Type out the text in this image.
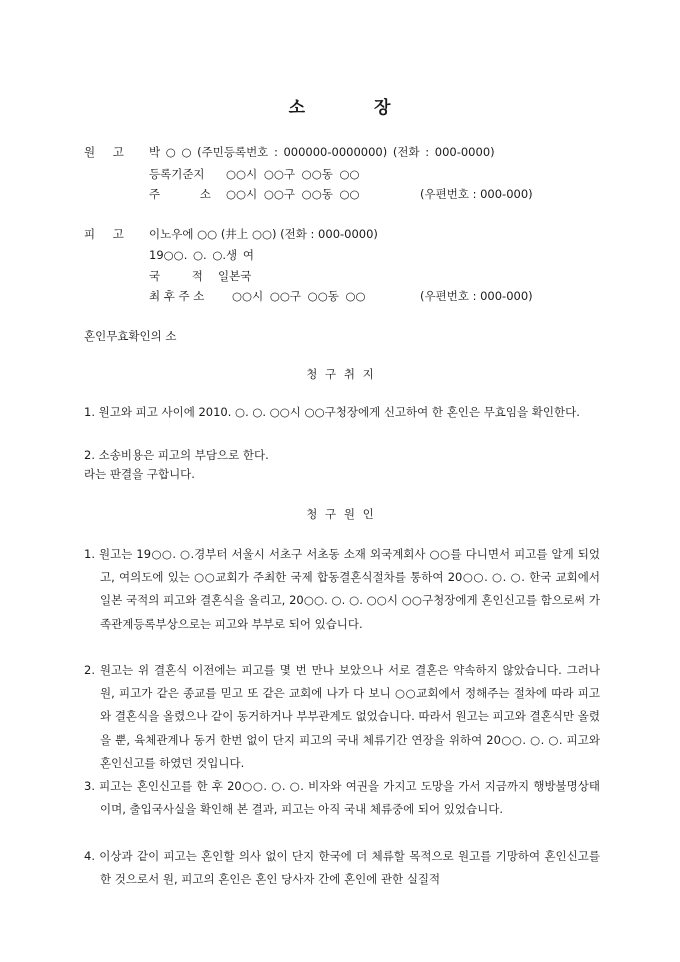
소	장
원 고 박 ○ ○ (주민등록번호 : 000000-0000000) (전화 : 000-0000)
등록기준지 ○○시 ○○구 ○○동 ○○
주 소 ○○시 ○○구 ○○동 ○○	(우편번호 : 000-000)
피 고 이노우에 ○○ (井上 ○○) (전화 : 000-0000)
19○○. ○. ○.생 여
국 적 일본국
최 후 주 소 ○○시 ○○구 ○○동 ○○	(우편번호 : 000-000)
혼인무효확인의 소
청 구 취 지
1. 원고와 피고 사이에 2010. ○. ○. ○○시 ○○구청장에게 신고하여 한 혼인은 무효임을 확인한다.
2. 소송비용은 피고의 부담으로 한다.
라는 판결을 구합니다.
청 구 원 인
1. 원고는 19○○. ○.경부터 서울시 서초구 서초동 소재 외국계회사 ○○를 다니면서 피고를 알게 되었고, 여의도에 있는 ○○교회가 주최한 국제 합동결혼식절차를 통하여 20○○. ○. ○. 한국 교회에서 일본 국적의 피고와 결혼식을 올리고, 20○○. ○. ○. ○○시 ○○구청장에게 혼인신고를 함으로써 가족관계등록부상으로는 피고와 부부로 되어 있습니다.
2. 원고는 위 결혼식 이전에는 피고를 몇 번 만나 보았으나 서로 결혼은 약속하지 않았습니다. 그러나 원, 피고가 같은 종교를 믿고 또 같은 교회에 나가 다 보니 ○○교회에서 정해주는 절차에 따라 피고와 결혼식을 올렸으나 같이 동거하거나 부부관계도 없었습니다. 따라서 원고는 피고와 결혼식만 올렸을 뿐, 육체관계나 동거 한번 없이 단지 피고의 국내 체류기간 연장을 위하여 20○○. ○. ○. 피고와 혼인신고를 하였던 것입니다.
3. 피고는 혼인신고를 한 후 20○○. ○. ○. 비자와 여권을 가지고 도망을 가서 지금까지 행방불명상태이며, 출입국사실을 확인해 본 결과, 피고는 아직 국내 체류중에 되어 있었습니다.
4. 이상과 같이 피고는 혼인할 의사 없이 단지 한국에 더 체류할 목적으로 원고를 기망하여 혼인신고를 한 것으로서 원, 피고의 혼인은 혼인 당사자 간에 혼인에 관한 실질적
